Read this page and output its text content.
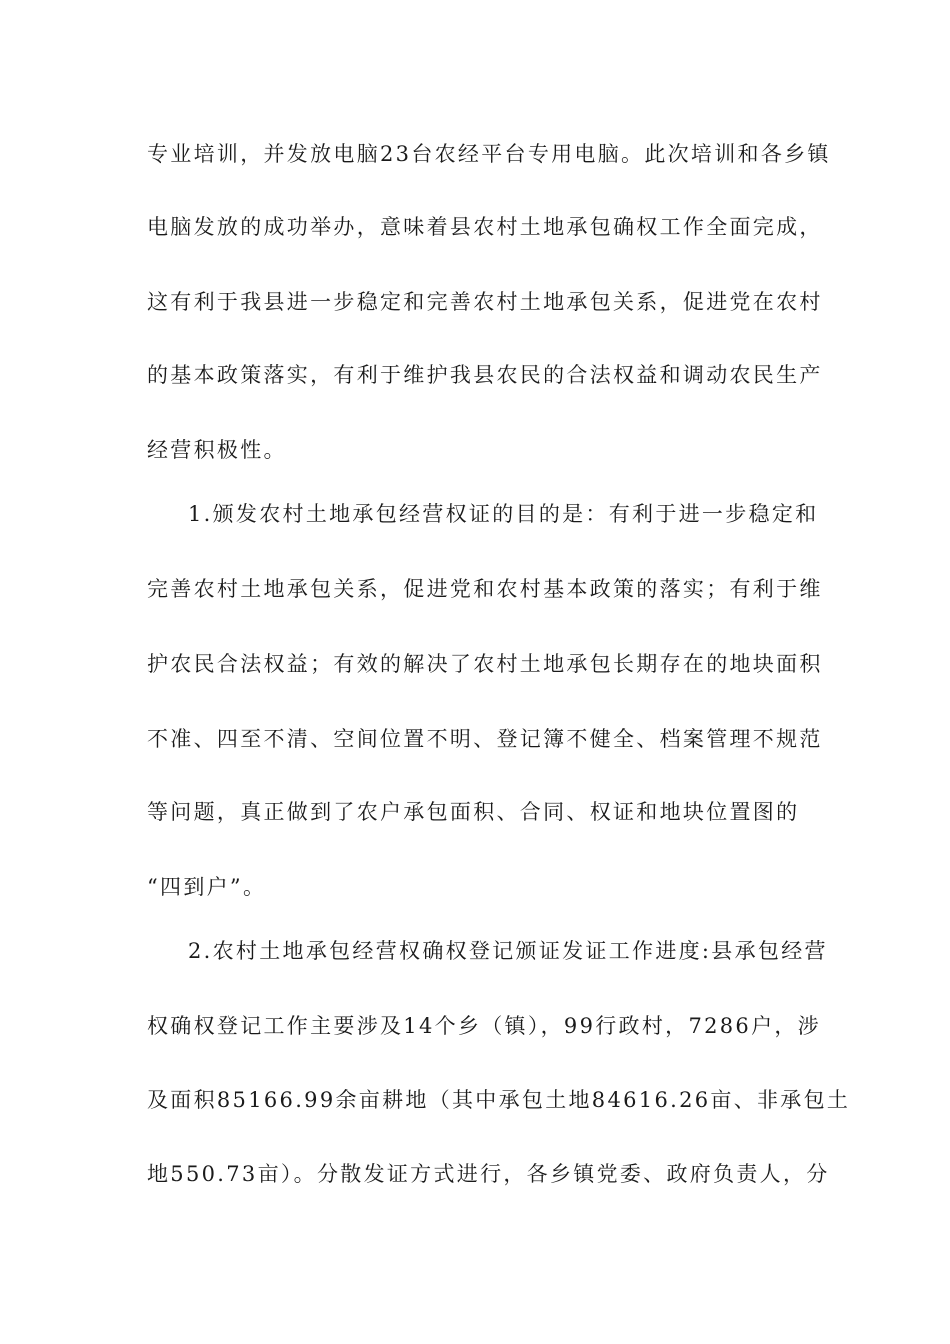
专业培训，并发放电脑23台农经平台专用电脑。此次培训和各乡镇

电脑发放的成功举办，意味着县农村土地承包确权工作全面完成，

这有利于我县进一步稳定和完善农村土地承包关系，促进党在农村

的基本政策落实，有利于维护我县农民的合法权益和调动农民生产

经营积极性。

1.颁发农村土地承包经营权证的目的是：有利于进一步稳定和

完善农村土地承包关系，促进党和农村基本政策的落实；有利于维

护农民合法权益；有效的解决了农村土地承包长期存在的地块面积

不准、四至不清、空间位置不明、登记簿不健全、档案管理不规范

等问题，真正做到了农户承包面积、合同、权证和地块位置图的

“四到户”。

2.农村土地承包经营权确权登记颁证发证工作进度:县承包经营

权确权登记工作主要涉及14个乡（镇），99行政村，7286户，涉

及面积85166.99余亩耕地（其中承包土地84616.26亩、非承包土

地550.73亩）。分散发证方式进行，各乡镇党委、政府负责人，分
